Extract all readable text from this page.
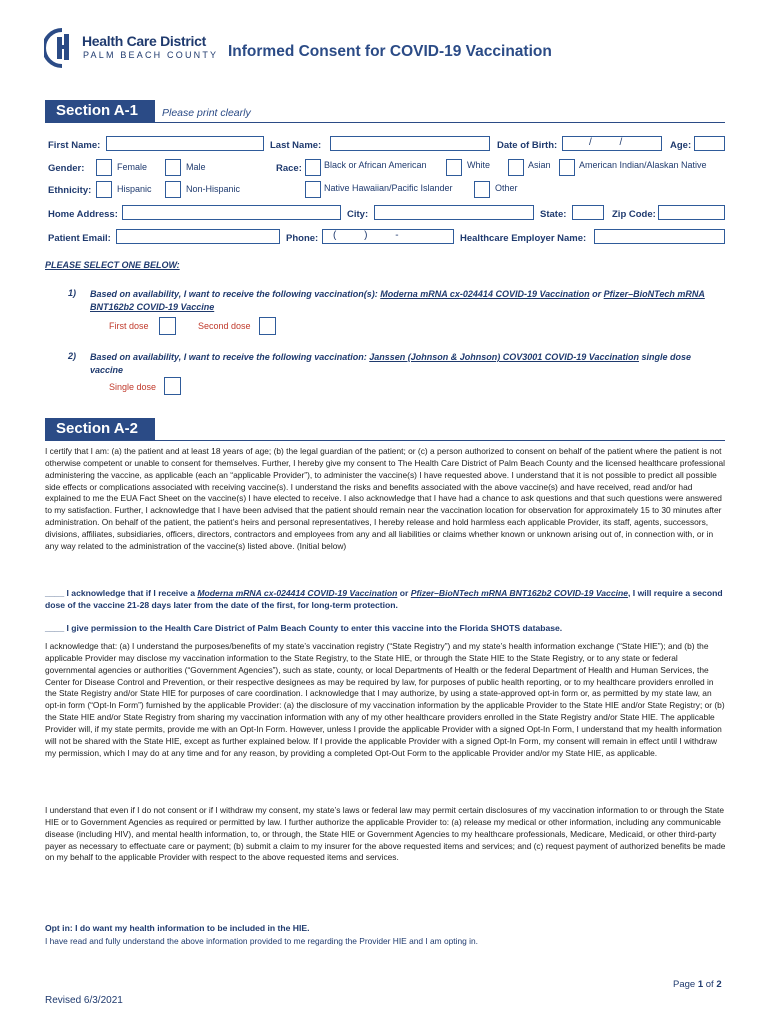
Health Care District
PALM BEACH COUNTY Informed Consent for COVID-19 Vaccination
Section A-1	Please print clearly
First Name:	Last Name:	Date of Birth:	/          /	Age:
Gender:	Female	Male	Race: Black or African American	White	Asian	American Indian/Alaskan Native
Ethnicity:	Hispanic	Non-Hispanic	Native Hawaiian/Pacific Islander	Other
Home Address:	City:	State:	Zip Code:
Patient Email:	Phone: (          )          -	Healthcare Employer Name:
PLEASE SELECT ONE BELOW:
1) Based on availability, I want to receive the following vaccination(s): Moderna mRNA cx-024414 COVID-19 Vaccination or Pfizer–BioNTech mRNA BNT162b2 COVID-19 Vaccine
First dose	Second dose
2) Based on availability, I want to receive the following vaccination: Janssen (Johnson & Johnson) COV3001 COVID-19 Vaccination single dose vaccine
Single dose
Section A-2
I certify that I am: (a) the patient and at least 18 years of age; (b) the legal guardian of the patient; or (c) a person authorized to consent on behalf of the patient where the patient is not otherwise competent or unable to consent for themselves. Further, I hereby give my consent to The Health Care District of Palm Beach County and the licensed healthcare professional administering the vaccine, as applicable (each an “applicable Provider”), to administer the vaccine(s) I have requested above. I understand that it is not possible to predict all possible side effects or complications associated with receiving vaccine(s). I understand the risks and benefits associated with the above vaccine(s) and have received, read and/or had explained to me the EUA Fact Sheet on the vaccine(s) I have elected to receive. I also acknowledge that I have had a chance to ask questions and that such questions were answered to my satisfaction. Further, I acknowledge that I have been advised that the patient should remain near the vaccination location for observation for approximately 15 to 30 minutes after administration. On behalf of the patient, the patient’s heirs and personal representatives, I hereby release and hold harmless each applicable Provider, its staff, agents, successors, divisions, affiliates, subsidiaries, officers, directors, contractors and employees from any and all liabilities or claims whether known or unknown arising out of, in connection with, or in any way related to the administration of the vaccine(s) listed above. (Initial below)
____ I acknowledge that if I receive a Moderna mRNA cx-024414 COVID-19 Vaccination or Pfizer–BioNTech mRNA BNT162b2 COVID-19 Vaccine, I will require a second dose of the vaccine 21-28 days later from the date of the first, for long-term protection.
____ I give permission to the Health Care District of Palm Beach County to enter this vaccine into the Florida SHOTS database.
I acknowledge that: (a) I understand the purposes/benefits of my state’s vaccination registry (“State Registry”) and my state’s health information exchange (“State HIE”); and (b) the applicable Provider may disclose my vaccination information to the State Registry, to the State HIE, or through the State HIE to the State Registry, or to any state or federal governmental agencies or authorities (“Government Agencies”), such as state, county, or local Departments of Health or the federal Department of Health and Human Services, the Center for Disease Control and Prevention, or their respective designees as may be required by law, for purposes of public health reporting, or to my healthcare providers enrolled in the State Registry and/or State HIE for purposes of care coordination. I acknowledge that I may authorize, by using a state-approved opt-in form or, as permitted by my state law, an opt-in form (“Opt-In Form”) furnished by the applicable Provider: (a) the disclosure of my vaccination information by the applicable Provider to the State HIE and/or State Registry; or (b) the State HIE and/or State Registry from sharing my vaccination information with any of my other healthcare providers enrolled in the State Registry and/or State HIE. The applicable Provider will, if my state permits, provide me with an Opt-In Form. However, unless I provide the applicable Provider with a signed Opt-In Form, I understand that my health information will not be shared with the State HIE, except as further explained below. If I provide the applicable Provider with a signed Opt-In Form, my consent will remain in effect until I withdraw my permission, which I may do at any time and for any reason, by providing a completed Opt-Out Form to the applicable Provider and/or my State HIE, as applicable.
I understand that even if I do not consent or if I withdraw my consent, my state’s laws or federal law may permit certain disclosures of my vaccination information to or through the State HIE or to Government Agencies as required or permitted by law. I further authorize the applicable Provider to: (a) release my medical or other information, including any communicable disease (including HIV), and mental health information, to, or through, the State HIE or Government Agencies to my healthcare professionals, Medicare, Medicaid, or other third-party payer as necessary to effectuate care or payment; (b) submit a claim to my insurer for the above requested items and services; and (c) request payment of authorized benefits be made on my behalf to the applicable Provider with respect to the above requested items and services.
Opt in: I do want my health information to be included in the HIE.
I have read and fully understand the above information provided to me regarding the Provider HIE and I am opting in.
Page 1 of 2
Revised 6/3/2021
